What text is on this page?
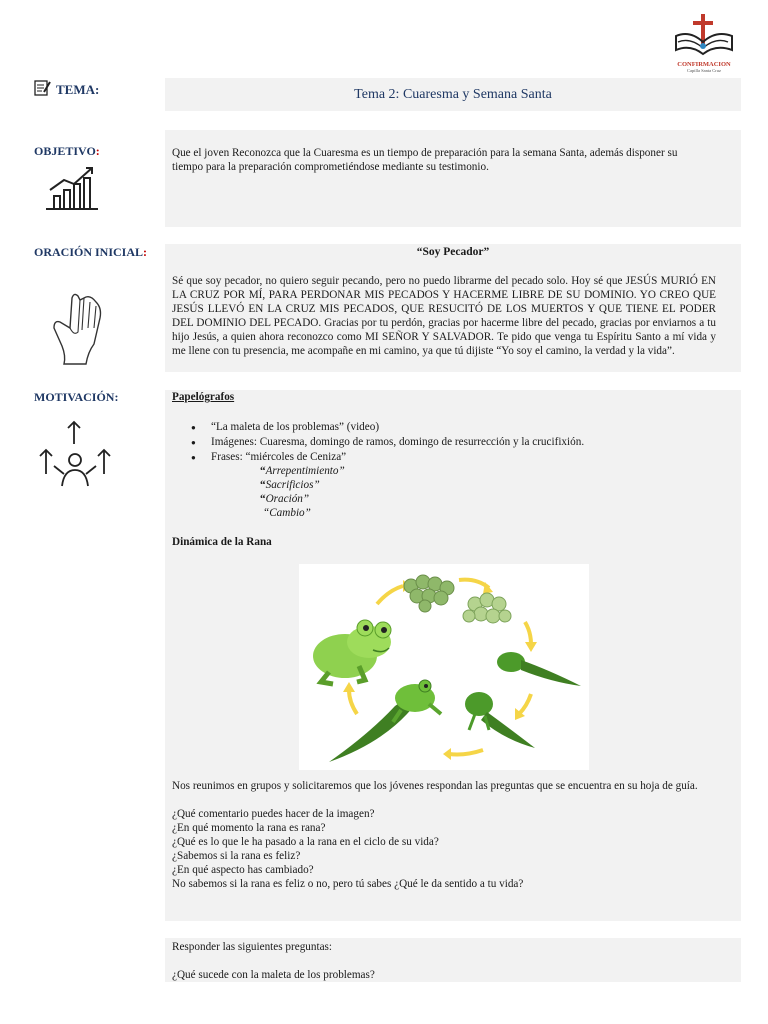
CONFIRMACION
Capilla Santa Cruz
TEMA:	Tema 2: Cuaresma y Semana Santa
OBJETIVO:	Que el joven Reconozca que la Cuaresma es un tiempo de preparación para la semana Santa, además disponer su tiempo para la preparación comprometiéndose mediante su testimonio.
ORACIÓN INICIAL:	“Soy Pecador”
Sé que soy pecador, no quiero seguir pecando, pero no puedo librarme del pecado solo. Hoy sé que JESÚS MURIÓ EN LA CRUZ POR MÍ, PARA PERDONAR MIS PECADOS Y HACERME LIBRE DE SU DOMINIO. YO CREO QUE JESÚS LLEVÓ EN LA CRUZ MIS PECADOS, QUE RESUCITÓ DE LOS MUERTOS Y QUE TIENE EL PODER DEL DOMINIO DEL PECADO. Gracias por tu perdón, gracias por hacerme libre del pecado, gracias por enviarnos a tu hijo Jesús, a quien ahora reconozco como MI SEÑOR Y SALVADOR. Te pido que venga tu Espíritu Santo a mí vida y me llene con tu presencia, me acompañe en mi camino, ya que tú dijiste “Yo soy el camino, la verdad y la vida”.
MOTIVACIÓN:	Papelógrafos
● “La maleta de los problemas” (video)
● Imágenes: Cuaresma, domingo de ramos, domingo de resurrección y la crucifixión.
● Frases: “miércoles de Ceniza”
“Arrepentimiento”
“Sacrificios”
“Oración”
“Cambio”
Dinámica de la Rana
Nos reunimos en grupos y solicitaremos que los jóvenes respondan las preguntas que se encuentra en su hoja de guía.
¿Qué comentario puedes hacer de la imagen?
¿En qué momento la rana es rana?
¿Qué es lo que le ha pasado a la rana en el ciclo de su vida?
¿Sabemos si la rana es feliz?
¿En qué aspecto has cambiado?
No sabemos si la rana es feliz o no, pero tú sabes ¿Qué le da sentido a tu vida?
Responder las siguientes preguntas:
¿Qué sucede con la maleta de los problemas?
